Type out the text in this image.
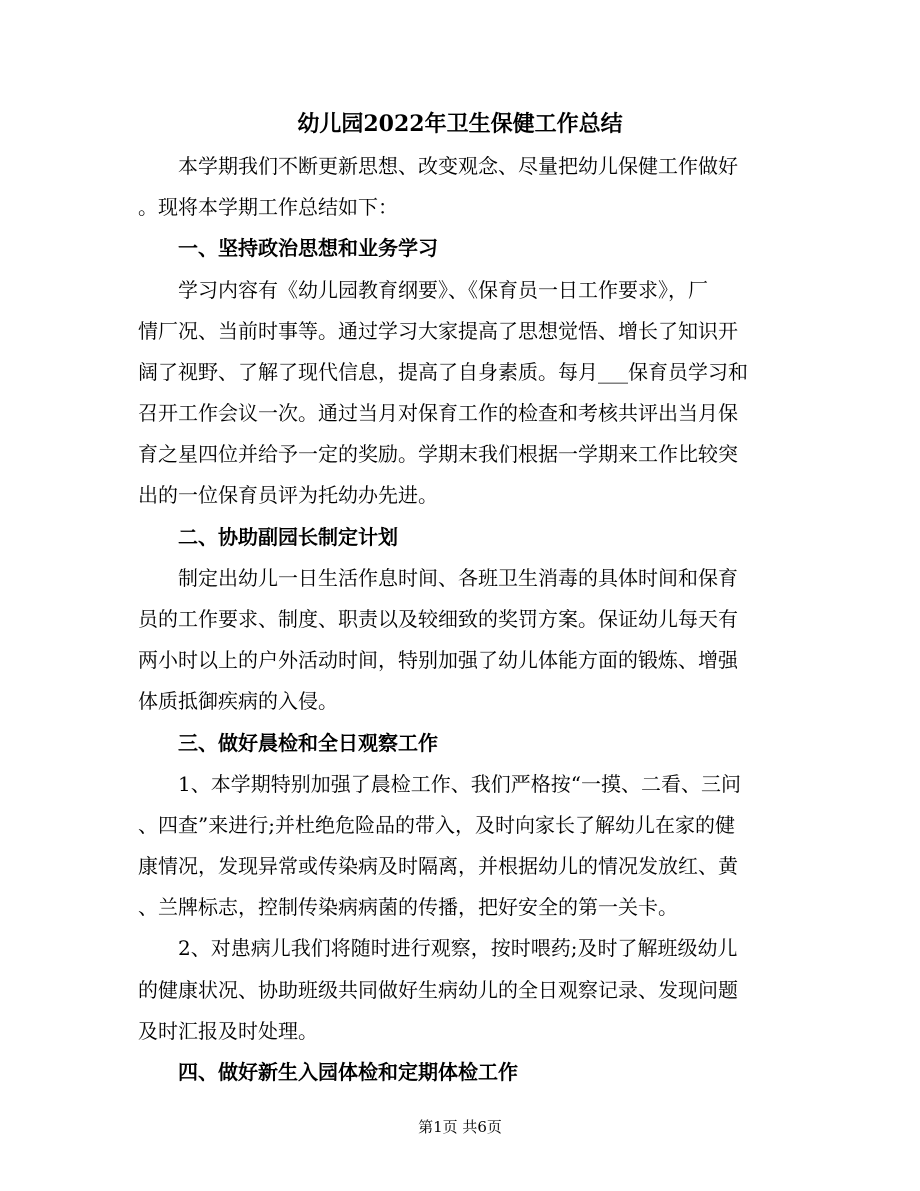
幼儿园2022年卫生保健工作总结
本学期我们不断更新思想、改变观念、尽量把幼儿保健工作做好
。现将本学期工作总结如下：
一、坚持政治思想和业务学习
学习内容有《幼儿园教育纲要》、《保育员一日工作要求》，厂
情厂况、当前时事等。通过学习大家提高了思想觉悟、增长了知识开
阔了视野、了解了现代信息，提高了自身素质。每月___保育员学习和
召开工作会议一次。通过当月对保育工作的检查和考核共评出当月保
育之星四位并给予一定的奖励。学期末我们根据一学期来工作比较突
出的一位保育员评为托幼办先进。
二、协助副园长制定计划
制定出幼儿一日生活作息时间、各班卫生消毒的具体时间和保育
员的工作要求、制度、职责以及较细致的奖罚方案。保证幼儿每天有
两小时以上的户外活动时间，特别加强了幼儿体能方面的锻炼、增强
体质抵御疾病的入侵。
三、做好晨检和全日观察工作
1、本学期特别加强了晨检工作、我们严格按“一摸、二看、三问
、四查”来进行;并杜绝危险品的带入，及时向家长了解幼儿在家的健
康情况，发现异常或传染病及时隔离，并根据幼儿的情况发放红、黄
、兰牌标志，控制传染病病菌的传播，把好安全的第一关卡。
2、对患病儿我们将随时进行观察，按时喂药;及时了解班级幼儿
的健康状况、协助班级共同做好生病幼儿的全日观察记录、发现问题
及时汇报及时处理。
四、做好新生入园体检和定期体检工作
第1页 共6页
